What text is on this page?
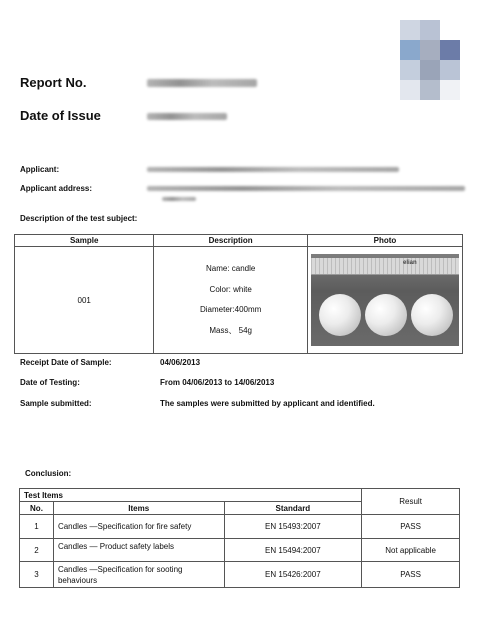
Report No.
Date of Issue
Applicant:
Applicant address:
Description of the test subject:
Sample	Description	Photo
001	Name: candle
Color: white
Diameter:400mm
Mass、 54g	elian
Receipt Date of Sample:	04/06/2013
Date of Testing:	From 04/06/2013 to 14/06/2013
Sample submitted:	The samples were submitted by applicant and identified.
Conclusion:
Test Items			Result
No.	Items	Standard	
1	Candles —Specification for fire safety	EN 15493:2007	PASS
2	Candles — Product safety labels	EN 15494:2007	Not applicable
3	Candles —Specification for sooting behaviours	EN 15426:2007	PASS
